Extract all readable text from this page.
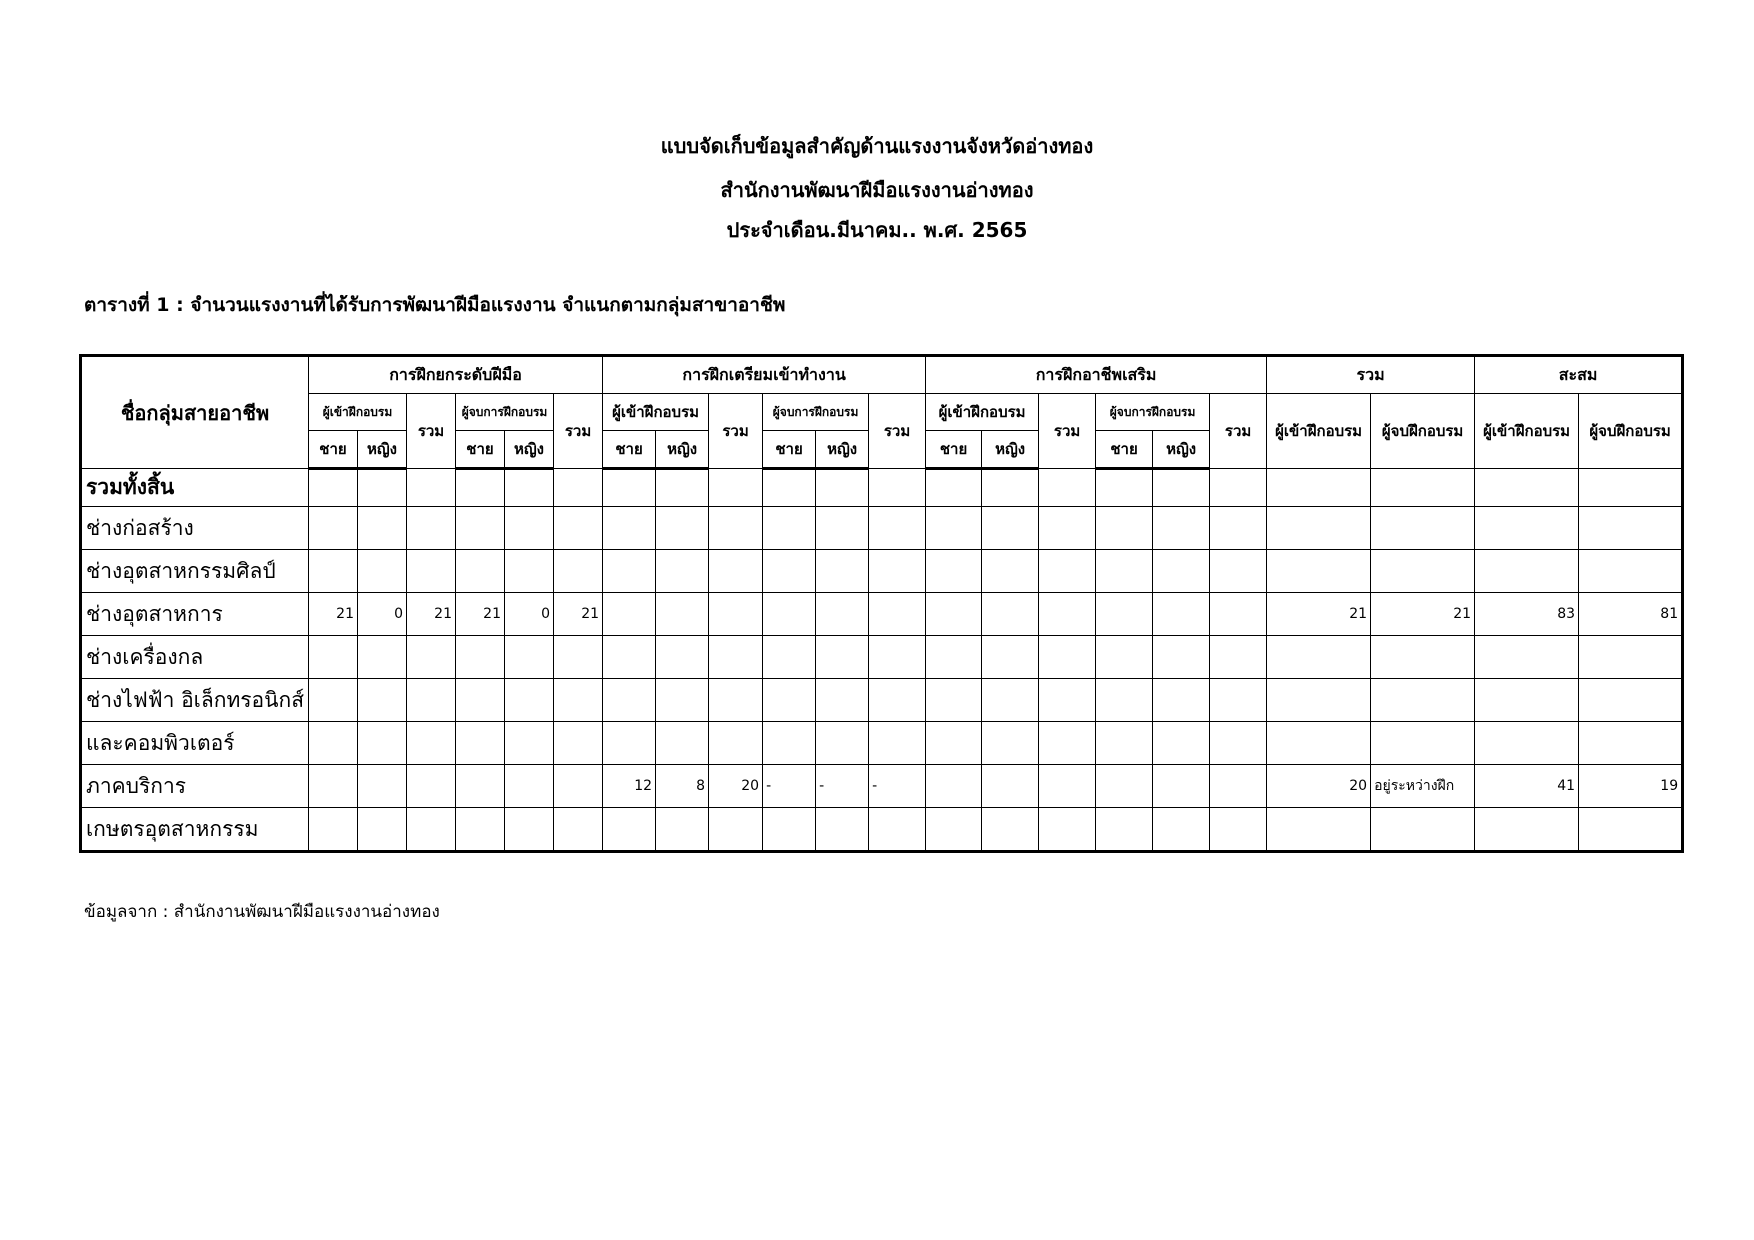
แบบจัดเก็บข้อมูลสำคัญด้านแรงงานจังหวัดอ่างทอง
สำนักงานพัฒนาฝีมือแรงงานอ่างทอง
ประจำเดือน.มีนาคม.. พ.ศ. 2565
ตารางที่ 1 : จำนวนแรงงานที่ได้รับการพัฒนาฝีมือแรงงาน จำแนกตามกลุ่มสาขาอาชีพ
ชื่อกลุ่มสายอาชีพ	การฝึกยกระดับฝีมือ						การฝึกเตรียมเข้าทำงาน						การฝึกอาชีพเสริม						รวม		สะสม	
	ผู้เข้าฝึกอบรม		รวม	ผู้จบการฝึกอบรม		รวม	ผู้เข้าฝึกอบรม		รวม	ผู้จบการฝึกอบรม		รวม	ผู้เข้าฝึกอบรม		รวม	ผู้จบการฝึกอบรม		รวม	ผู้เข้าฝึกอบรม	ผู้จบฝึกอบรม	ผู้เข้าฝึกอบรม	ผู้จบฝึกอบรม
	ชาย	หญิง		ชาย	หญิง		ชาย	หญิง		ชาย	หญิง		ชาย	หญิง		ชาย	หญิง					
รวมทั้งสิ้น																						
ช่างก่อสร้าง																						
ช่างอุตสาหกรรมศิลป์																						
ช่างอุตสาหการ	21	0	21	21	0	21													21	21	83	81
ช่างเครื่องกล																						
ช่างไฟฟ้า อิเล็กทรอนิกส์																						
และคอมพิวเตอร์																						
ภาคบริการ							12	8	20	-	-	-							20	อยู่ระหว่างฝึก	41	19
เกษตรอุตสาหกรรม																						
ข้อมูลจาก : สำนักงานพัฒนาฝีมือแรงงานอ่างทอง
